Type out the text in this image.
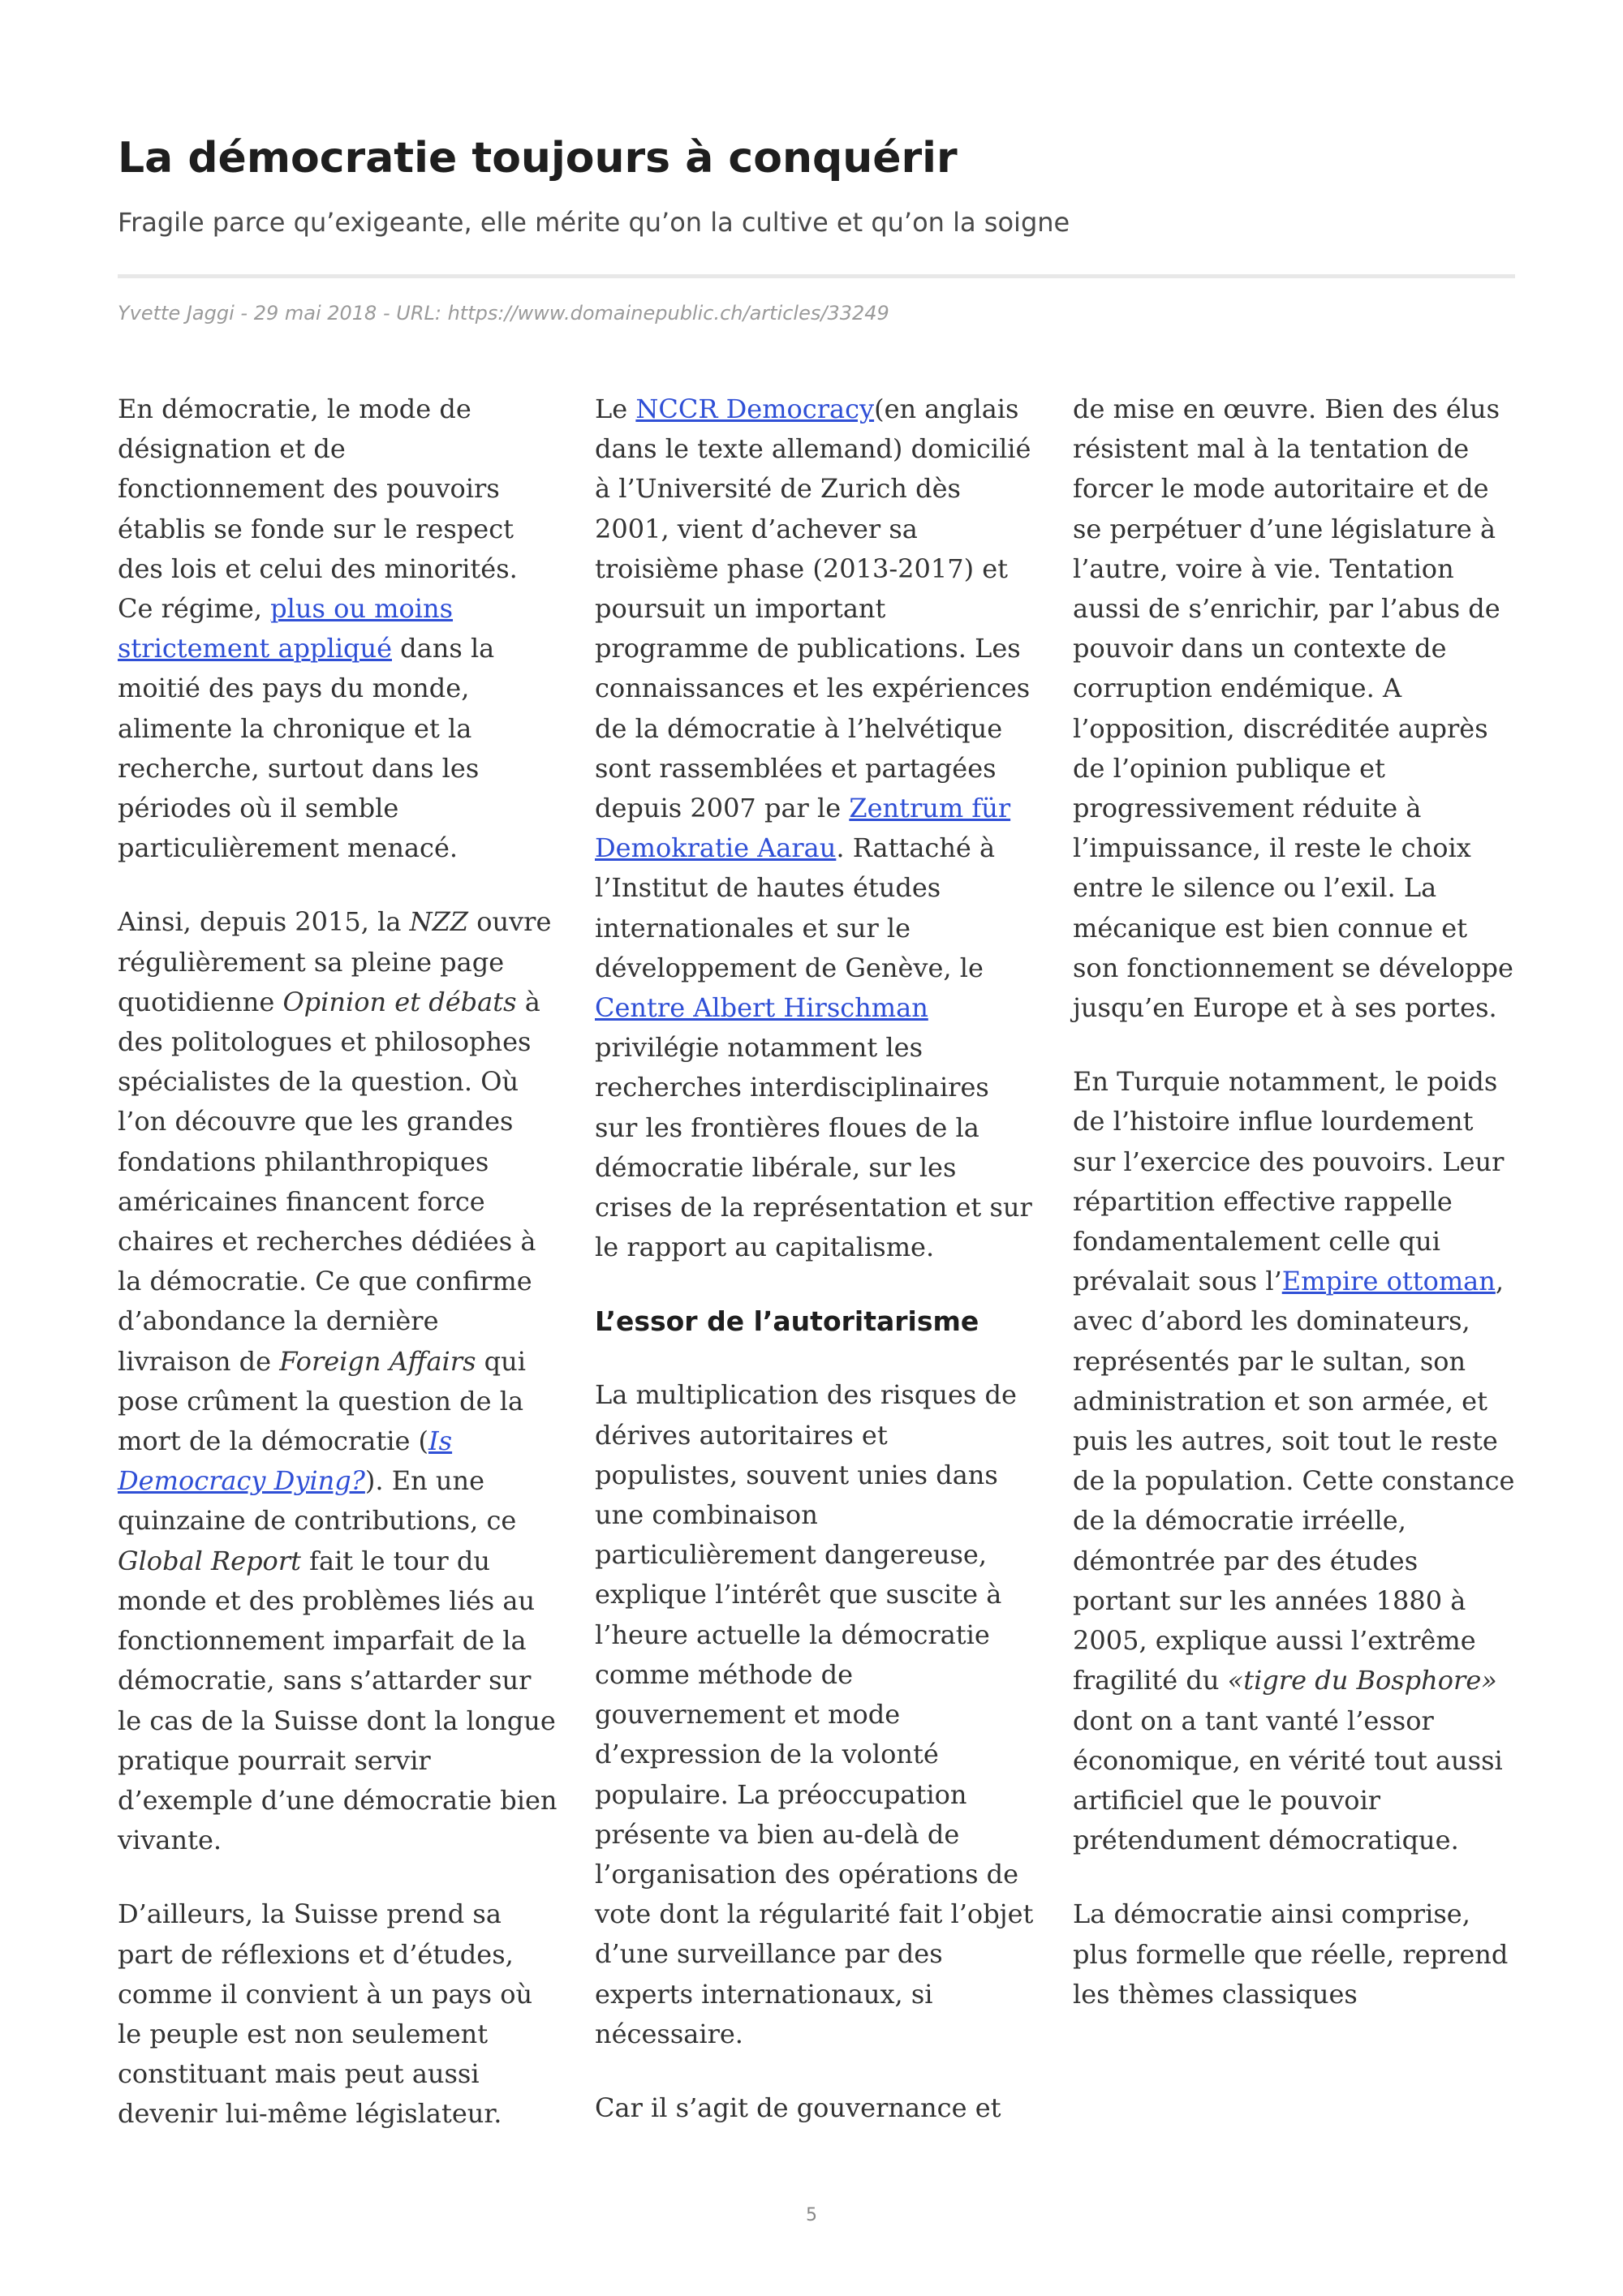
La démocratie toujours à conquérir

Fragile parce qu’exigeante, elle mérite qu’on la cultive et qu’on la soigne

Yvette Jaggi - 29 mai 2018 - URL: https://www.domainepublic.ch/articles/33249

En démocratie, le mode de désignation et de fonctionnement des pouvoirs établis se fonde sur le respect des lois et celui des minorités. Ce régime, plus ou moins strictement appliqué dans la moitié des pays du monde, alimente la chronique et la recherche, surtout dans les périodes où il semble particulièrement menacé.

Ainsi, depuis 2015, la NZZ ouvre régulièrement sa pleine page quotidienne Opinion et débats à des politologues et philosophes spécialistes de la question. Où l’on découvre que les grandes fondations philanthropiques américaines financent force chaires et recherches dédiées à la démocratie. Ce que confirme d’abondance la dernière livraison de Foreign Affairs qui pose crûment la question de la mort de la démocratie (Is Democracy Dying?). En une quinzaine de contributions, ce Global Report fait le tour du monde et des problèmes liés au fonctionnement imparfait de la démocratie, sans s’attarder sur le cas de la Suisse dont la longue pratique pourrait servir d’exemple d’une démocratie bien vivante.

D’ailleurs, la Suisse prend sa part de réflexions et d’études, comme il convient à un pays où le peuple est non seulement constituant mais peut aussi devenir lui-même législateur.

Le NCCR Democracy(en anglais dans le texte allemand) domicilié à l’Université de Zurich dès 2001, vient d’achever sa troisième phase (2013-2017) et poursuit un important programme de publications. Les connaissances et les expériences de la démocratie à l’helvétique sont rassemblées et partagées depuis 2007 par le Zentrum für Demokratie Aarau. Rattaché à l’Institut de hautes études internationales et sur le développement de Genève, le Centre Albert Hirschman privilégie notamment les recherches interdisciplinaires sur les frontières floues de la démocratie libérale, sur les crises de la représentation et sur le rapport au capitalisme.

L’essor de l’autoritarisme

La multiplication des risques de dérives autoritaires et populistes, souvent unies dans une combinaison particulièrement dangereuse, explique l’intérêt que suscite à l’heure actuelle la démocratie comme méthode de gouvernement et mode d’expression de la volonté populaire. La préoccupation présente va bien au-delà de l’organisation des opérations de vote dont la régularité fait l’objet d’une surveillance par des experts internationaux, si nécessaire.

Car il s’agit de gouvernance et

de mise en œuvre. Bien des élus résistent mal à la tentation de forcer le mode autoritaire et de se perpétuer d’une législature à l’autre, voire à vie. Tentation aussi de s’enrichir, par l’abus de pouvoir dans un contexte de corruption endémique. A l’opposition, discréditée auprès de l’opinion publique et progressivement réduite à l’impuissance, il reste le choix entre le silence ou l’exil. La mécanique est bien connue et son fonctionnement se développe jusqu’en Europe et à ses portes.

En Turquie notamment, le poids de l’histoire influe lourdement sur l’exercice des pouvoirs. Leur répartition effective rappelle fondamentalement celle qui prévalait sous l’Empire ottoman, avec d’abord les dominateurs, représentés par le sultan, son administration et son armée, et puis les autres, soit tout le reste de la population. Cette constance de la démocratie irréelle, démontrée par des études portant sur les années 1880 à 2005, explique aussi l’extrême fragilité du «tigre du Bosphore» dont on a tant vanté l’essor économique, en vérité tout aussi artificiel que le pouvoir prétendument démocratique.

La démocratie ainsi comprise, plus formelle que réelle, reprend les thèmes classiques

5
